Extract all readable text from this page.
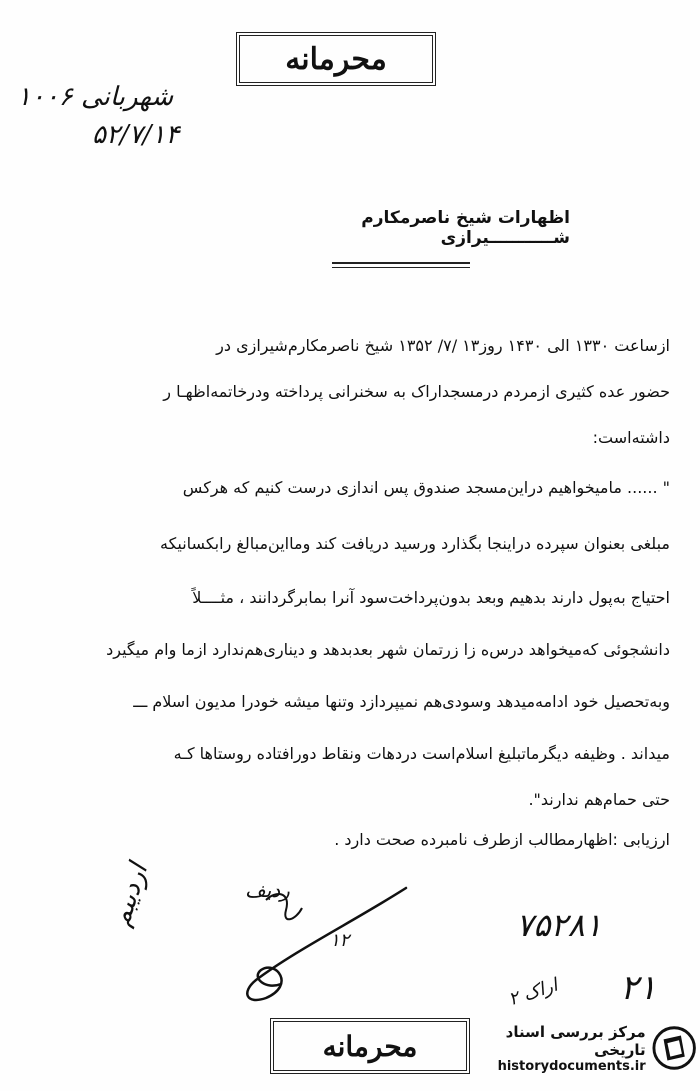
محرمانه
شهربانی ۱۰۰۶
۵۲/۷/۱۴
اظهارات شیخ ناصرمکارم شـــــــــــیرازی
ازساعت ۱۳۳۰ الی ۱۴۳۰ روز۱۳ /۷/ ۱۳۵۲ شیخ ناصرمکارم‌شیرازی در
حضور عده کثیری ازمردم درمسجداراک به سخنرانی پرداخته ودرخاتمه‌اظهـا ر
داشته‌است:
" ...... مامیخواهیم دراین‌مسجد صندوق پس اندازی درست کنیم که هرکس
مبلغی بعنوان سپرده دراینجا بگذارد ورسید دریافت کند ومااین‌مبالغ رابکسانیکه
احتیاج به‌پول دارند بدهیم وبعد بدون‌پرداخت‌سود آنرا بمابرگردانند ، مثــــلاً
دانشجوئی که‌میخواهد درس‌ه زا زرتمان شهر بعدبدهد و دیناری‌هم‌ندارد ازما وام میگیرد
وبه‌تحصیل خود ادامه‌میدهد وسودی‌هم نمیپردازد وتنها میشه خودرا مدیون اسلام ـــ
میداند . وظیفه دیگرماتبلیغ اسلام‌است دردهات ونقاط دورافتاده روستاها کـه
حتی حمام‌هم ندارند".
ارزیابی :اظهارمطالب ازطرف نامبرده صحت دارد .
اردیبم	ردیف
۱۲	۷۵۲۸۱
۲۱
اراک ۲
محرمانه	مرکز بررسی اسناد تاریخی
historydocuments.ir
